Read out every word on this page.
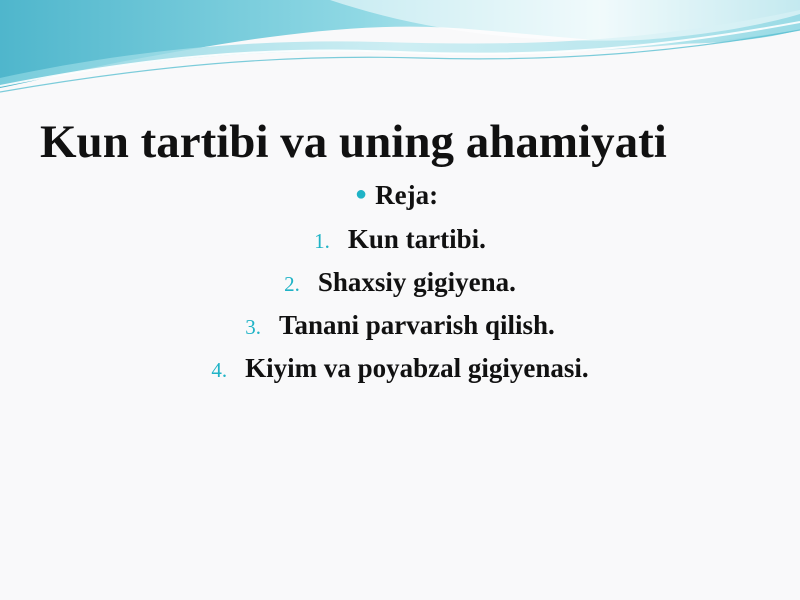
Kun tartibi va uning ahamiyati

● Reja:

1. Kun tartibi.
2. Shaxsiy gigiyena.
3. Tanani parvarish qilish.
4. Kiyim va poyabzal gigiyenasi.
